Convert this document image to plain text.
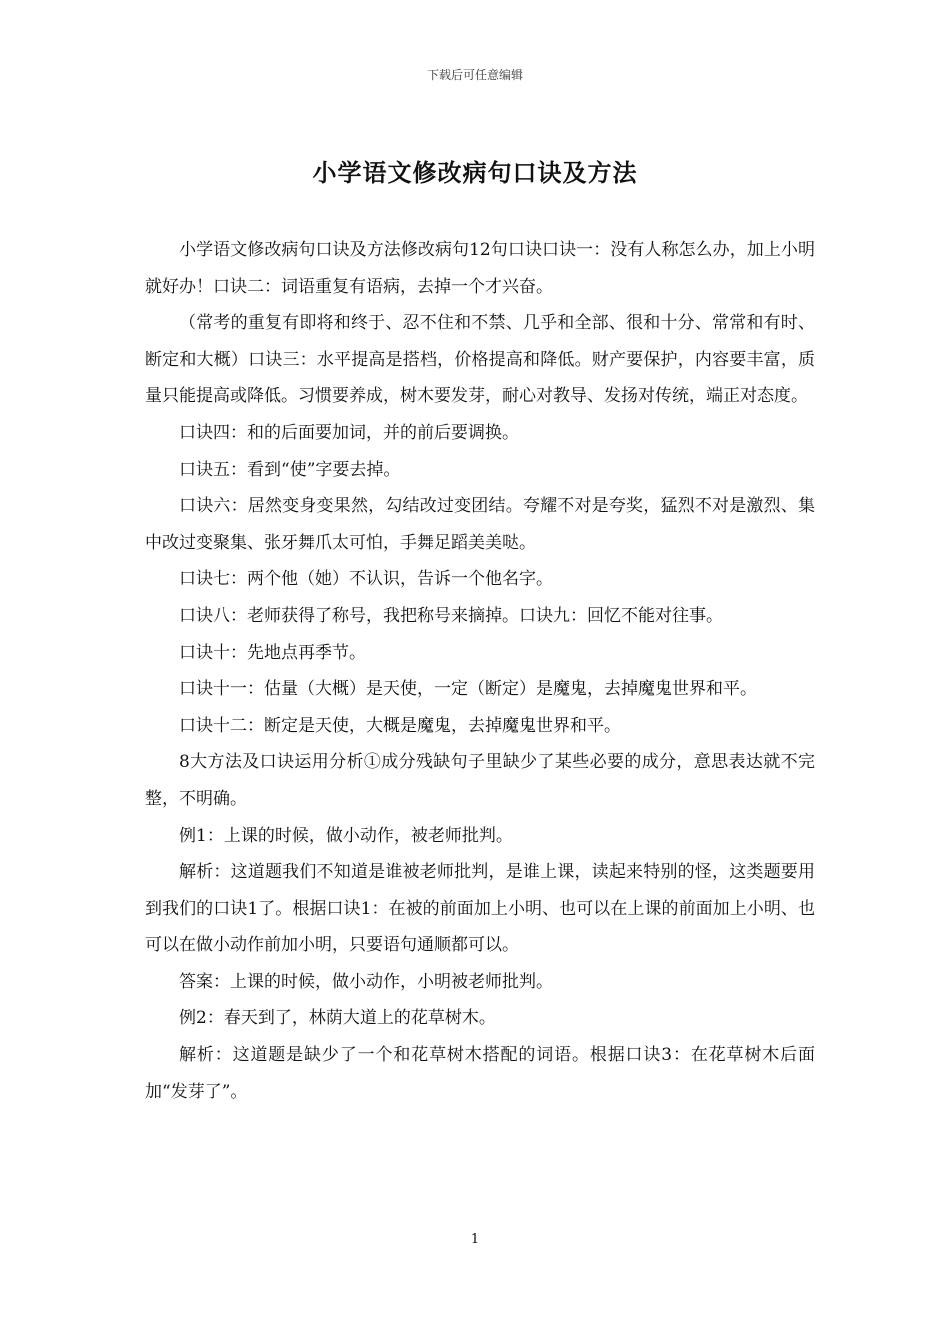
下载后可任意编辑
小学语文修改病句口诀及方法

小学语文修改病句口诀及方法修改病句12句口诀口诀一：没有人称怎么办，加上小明就好办！口诀二：词语重复有语病，去掉一个才兴奋。

（常考的重复有即将和终于、忍不住和不禁、几乎和全部、很和十分、常常和有时、断定和大概）口诀三：水平提高是搭档，价格提高和降低。财产要保护，内容要丰富，质量只能提高或降低。习惯要养成，树木要发芽，耐心对教导、发扬对传统，端正对态度。

口诀四：和的后面要加词，并的前后要调换。

口诀五：看到“使”字要去掉。

口诀六：居然变身变果然，勾结改过变团结。夸耀不对是夸奖，猛烈不对是激烈、集中改过变聚集、张牙舞爪太可怕，手舞足蹈美美哒。

口诀七：两个他（她）不认识，告诉一个他名字。

口诀八：老师获得了称号，我把称号来摘掉。口诀九：回忆不能对往事。

口诀十：先地点再季节。

口诀十一：估量（大概）是天使，一定（断定）是魔鬼，去掉魔鬼世界和平。

口诀十二：断定是天使，大概是魔鬼，去掉魔鬼世界和平。

8大方法及口诀运用分析①成分残缺句子里缺少了某些必要的成分，意思表达就不完整，不明确。

例1：上课的时候，做小动作，被老师批判。

解析：这道题我们不知道是谁被老师批判，是谁上课，读起来特别的怪，这类题要用到我们的口诀1了。根据口诀1：在被的前面加上小明、也可以在上课的前面加上小明、也可以在做小动作前加小明，只要语句通顺都可以。

答案：上课的时候，做小动作，小明被老师批判。

例2：春天到了，林荫大道上的花草树木。

解析：这道题是缺少了一个和花草树木搭配的词语。根据口诀3：在花草树木后面加“发芽了”。

1
